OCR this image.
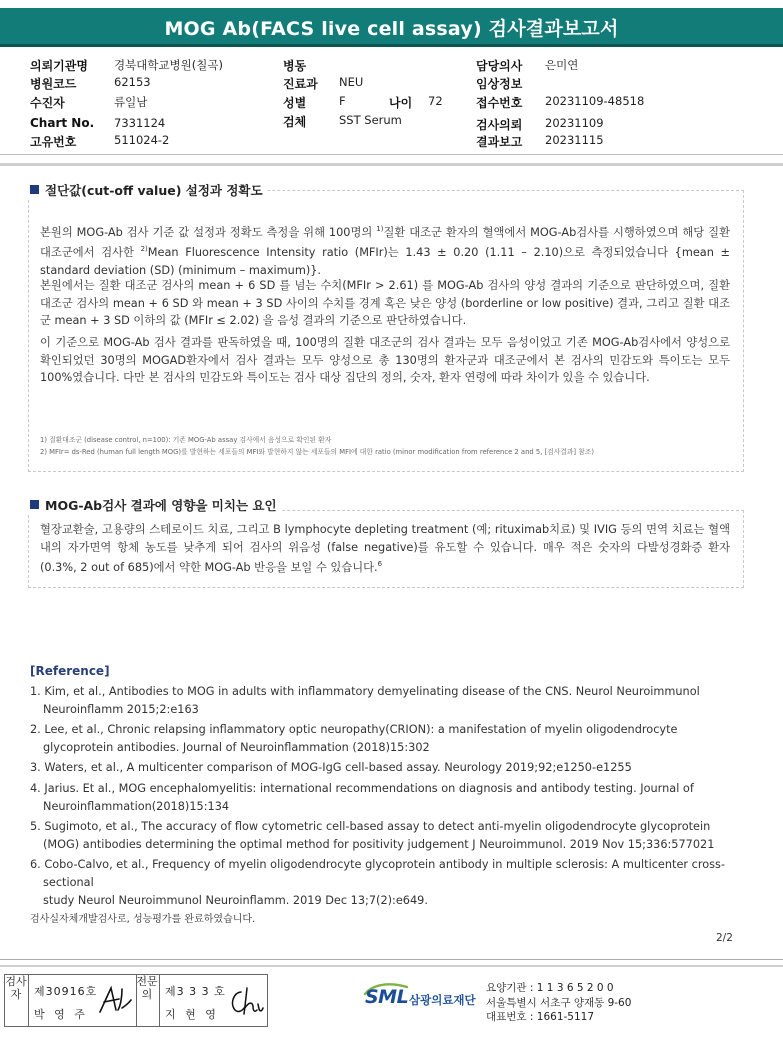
MOG Ab(FACS live cell assay) 검사결과보고서
의뢰기관명 경북대학교병원(칠곡)
병원코드	62153
수진자	류일남
Chart No. 7331124
고유번호	511024-2
병동
진료과 NEU
성별	F	나이 72
검체	SST Serum
담당의사 은미연
임상정보
접수번호 20231109-48518
검사의뢰 20231109
결과보고 20231115
절단값(cut-off value) 설정과 정확도
본원의 MOG-Ab 검사 기준 값 설정과 정확도 측정을 위해 100명의 $^{1)}$질환 대조군 환자의 혈액에서 MOG-Ab검사를 시행하였으며 해당 질환 대조군에서 검사한 $^{2)}$Mean Fluorescence Intensity ratio (MFIr)는 1.43 ± 0.20 (1.11 – 2.10)으로 측정되었습니다 {mean ± standard deviation (SD) (minimum – maximum)}.
본원에서는 질환 대조군 검사의 mean + 6 SD 를 넘는 수치(MFIr > 2.61) 를 MOG-Ab 검사의 양성 결과의 기준으로 판단하였으며, 질환 대조군 검사의 mean + 6 SD 와 mean + 3 SD 사이의 수치를 경계 혹은 낮은 양성 (borderline or low positive) 결과, 그리고 질환 대조군 mean + 3 SD 이하의 값 (MFIr ≤ 2.02) 을 음성 결과의 기준으로 판단하였습니다.
이 기준으로 MOG-Ab 검사 결과를 판독하였을 때, 100명의 질환 대조군의 검사 결과는 모두 음성이었고 기존 MOG-Ab검사에서 양성으로 확인되었던 30명의 MOGAD환자에서 검사 결과는 모두 양성으로 총 130명의 환자군과 대조군에서 본 검사의 민감도와 특이도는 모두 100%였습니다. 다만 본 검사의 민감도와 특이도는 검사 대상 집단의 정의, 숫자, 환자 연령에 따라 차이가 있을 수 있습니다.
1) 질환대조군 (disease control, n=100): 기존 MOG-Ab assay 검사에서 음성으로 확인된 환자
2) MFIr= ds-Red (human full length MOG)를 발현하는 세포들의 MFI와 발현하지 않는 세포들의 MFI에 대한 ratio (minor modification from reference 2 and 5, [검사결과] 참조)
MOG-Ab검사 결과에 영향을 미치는 요인
혈장교환술, 고용량의 스테로이드 치료, 그리고 B lymphocyte depleting treatment (예; rituximab치료) 및 IVIG 등의 면역 치료는 혈액 내의 자가면역 항체 농도를 낮추게 되어 검사의 위음성 (false negative)를 유도할 수 있습니다. 매우 적은 숫자의 다발성경화증 환자 (0.3%, 2 out of 685)에서 약한 MOG-Ab 반응을 보일 수 있습니다.$^6$
[Reference]
1. Kim, et al., Antibodies to MOG in adults with inflammatory demyelinating disease of the CNS. Neurol Neuroimmunol Neuroinflamm 2015;2:e163
2. Lee, et al., Chronic relapsing inflammatory optic neuropathy(CRION): a manifestation of myelin oligodendrocyte glycoprotein antibodies. Journal of Neuroinflammation (2018)15:302
3. Waters, et al., A multicenter comparison of MOG-IgG cell-based assay. Neurology 2019;92;e1250-e1255
4. Jarius. Et al., MOG encephalomyelitis: international recommendations on diagnosis and antibody testing. Journal of Neuroinflammation(2018)15:134
5. Sugimoto, et al., The accuracy of flow cytometric cell-based assay to detect anti-myelin oligodendrocyte glycoprotein (MOG) antibodies determining the optimal method for positivity judgement J Neuroimmunol. 2019 Nov 15;336:577021
6. Cobo-Calvo, et al., Frequency of myelin oligodendrocyte glycoprotein antibody in multiple sclerosis: A multicenter cross-sectional
study Neurol Neuroimmunol Neuroinflamm. 2019 Dec 13;7(2):e649.
검사실자체개발검사로, 성능평가를 완료하였습니다.
2/2
검사자	제30916호
박 영 주
전문의	제3 3 3 호
지 현 영
SML 삼광의료재단
요양기관 : 1 1 3 6 5 2 0 0
서울특별시 서초구 양재동 9-60
대표번호 : 1661-5117
